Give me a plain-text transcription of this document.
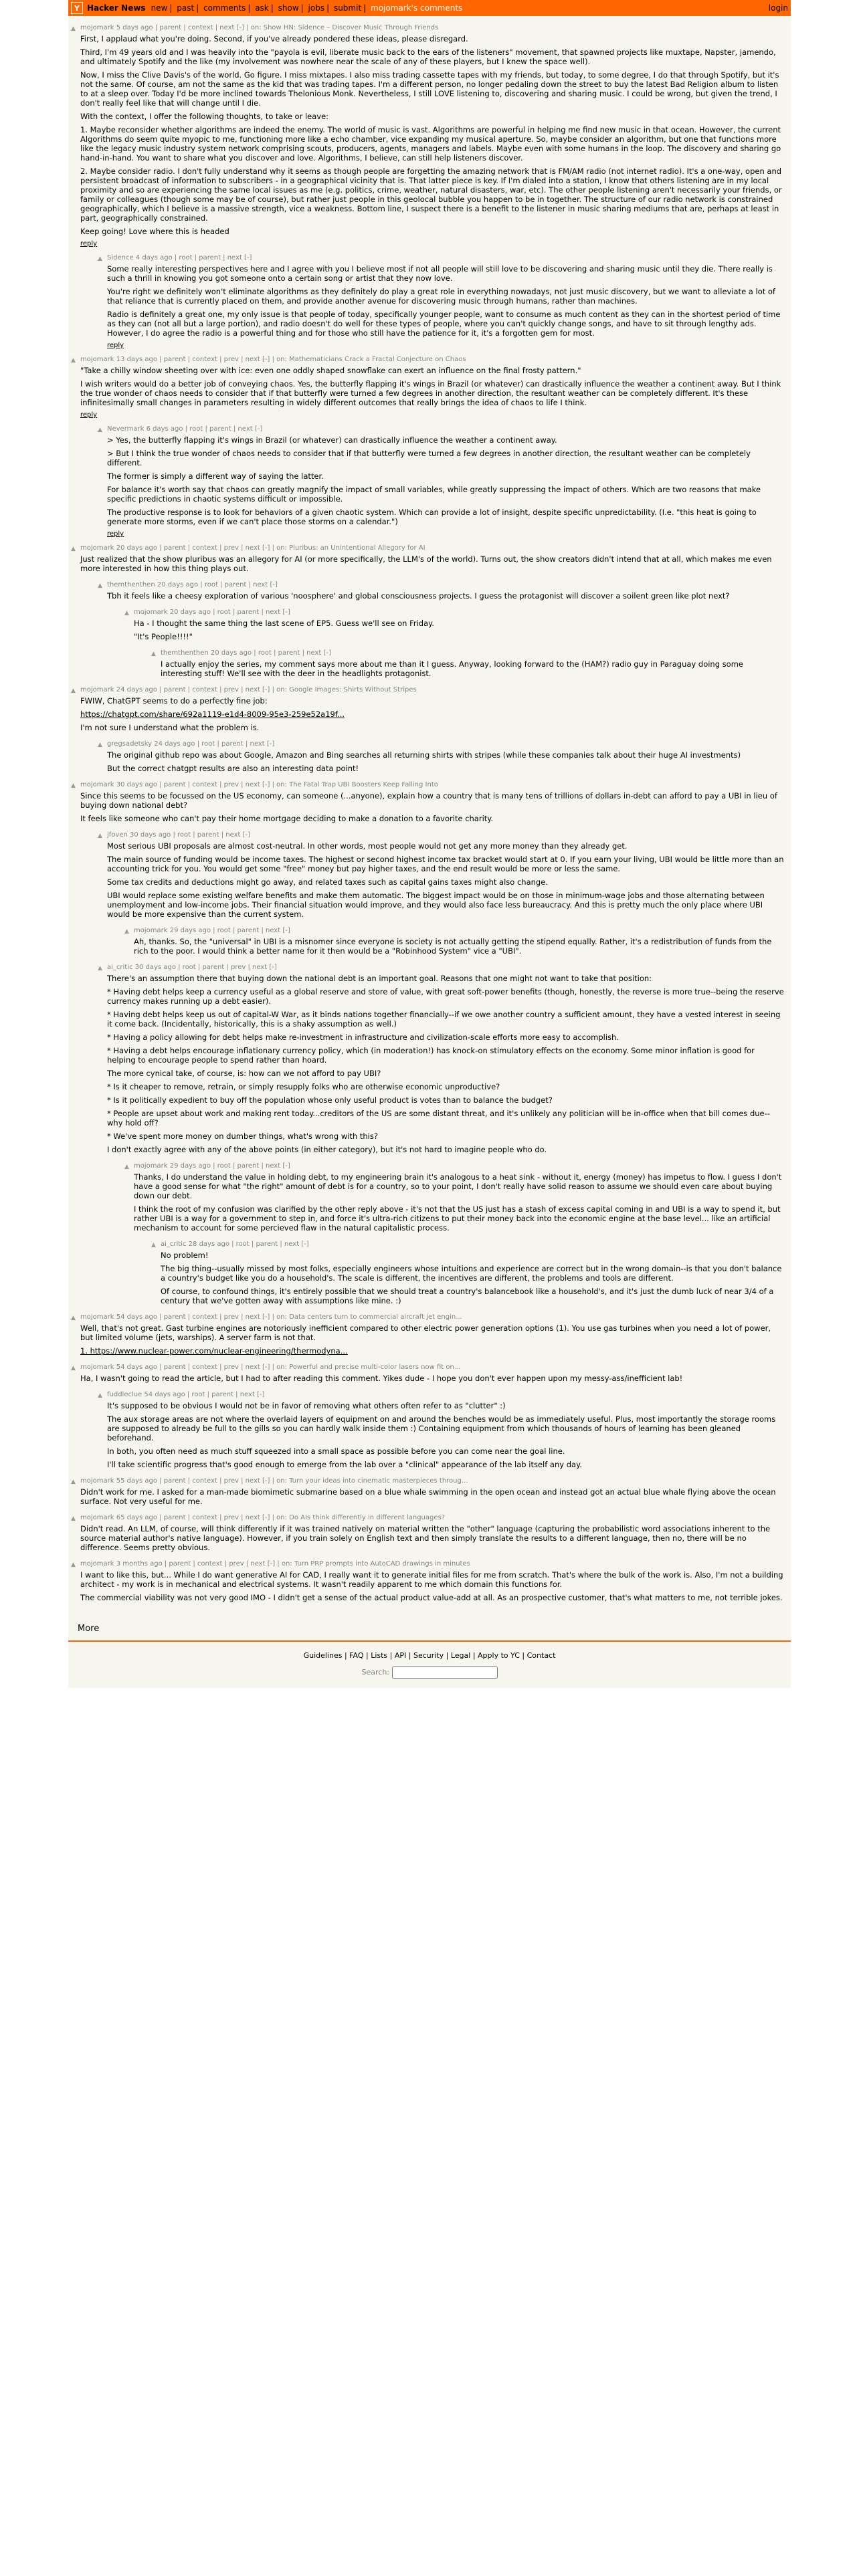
Y Hacker News new | past | comments | ask | show | jobs | submit | mojomark's comments	login
▲ mojomark 5 days ago | parent | context | next [-] | on: Show HN: Sidence – Discover Music Through Friends

First, I applaud what you're doing. Second, if you've already pondered these ideas, please disregard.

Third, I'm 49 years old and I was heavily into the "payola is evil, liberate music back to the ears of the listeners" movement, that spawned projects like muxtape, Napster, jamendo, and ultimately Spotify and the like (my involvement was nowhere near the scale of any of these players, but I knew the space well).

Now, I miss the Clive Davis's of the world. Go figure. I miss mixtapes. I also miss trading cassette tapes with my friends, but today, to some degree, I do that through Spotify, but it's not the same. Of course, am not the same as the kid that was trading tapes. I'm a different person, no longer pedaling down the street to buy the latest Bad Religion album to listen to at a sleep over. Today I'd be more inclined towards Thelonious Monk. Nevertheless, I still LOVE listening to, discovering and sharing music. I could be wrong, but given the trend, I don't really feel like that will change until I die.

With the context, I offer the following thoughts, to take or leave:

1. Maybe reconsider whether algorithms are indeed the enemy. The world of music is vast. Algorithms are powerful in helping me find new music in that ocean. However, the current Algorithms do seem quite myopic to me, functioning more like a echo chamber, vice expanding my musical aperture. So, maybe consider an algorithm, but one that functions more like the legacy music industry system network comprising scouts, producers, agents, managers and labels. Maybe even with some humans in the loop. The discovery and sharing go hand-in-hand. You want to share what you discover and love. Algorithms, I believe, can still help listeners discover.

2. Maybe consider radio. I don't fully understand why it seems as though people are forgetting the amazing network that is FM/AM radio (not internet radio). It's a one-way, open and persistent broadcast of information to subscribers - in a geographical vicinity that is. That latter piece is key. If I'm dialed into a station, I know that others listening are in my local proximity and so are experiencing the same local issues as me (e.g. politics, crime, weather, natural disasters, war, etc). The other people listening aren't necessarily your friends, or family or colleagues (though some may be of course), but rather just people in this geolocal bubble you happen to be in together. The structure of our radio network is constrained geographically, which I believe is a massive strength, vice a weakness. Bottom line, I suspect there is a benefit to the listener in music sharing mediums that are, perhaps at least in part, geographically constrained.

Keep going! Love where this is headed

reply
▲ Sidence 4 days ago | root | parent | next [-]

Some really interesting perspectives here and I agree with you I believe most if not all people will still love to be discovering and sharing music until they die. There really is such a thrill in knowing you got someone onto a certain song or artist that they now love.

You're right we definitely won't eliminate algorithms as they definitely do play a great role in everything nowadays, not just music discovery, but we want to alleviate a lot of that reliance that is currently placed on them, and provide another avenue for discovering music through humans, rather than machines.

Radio is definitely a great one, my only issue is that people of today, specifically younger people, want to consume as much content as they can in the shortest period of time as they can (not all but a large portion), and radio doesn't do well for these types of people, where you can't quickly change songs, and have to sit through lengthy ads. However, I do agree the radio is a powerful thing and for those who still have the patience for it, it's a forgotten gem for most.

reply
▲ mojomark 13 days ago | parent | context | prev | next [-] | on: Mathematicians Crack a Fractal Conjecture on Chaos

"Take a chilly window sheeting over with ice: even one oddly shaped snowflake can exert an influence on the final frosty pattern."

I wish writers would do a better job of conveying chaos. Yes, the butterfly flapping it's wings in Brazil (or whatever) can drastically influence the weather a continent away. But I think the true wonder of chaos needs to consider that if that butterfly were turned a few degrees in another direction, the resultant weather can be completely different. It's these infinitesimally small changes in parameters resulting in widely different outcomes that really brings the idea of chaos to life I think.

reply
▲ Nevermark 6 days ago | root | parent | next [-]

> Yes, the butterfly flapping it's wings in Brazil (or whatever) can drastically influence the weather a continent away.

> But I think the true wonder of chaos needs to consider that if that butterfly were turned a few degrees in another direction, the resultant weather can be completely different.

The former is simply a different way of saying the latter.

For balance it's worth say that chaos can greatly magnify the impact of small variables, while greatly suppressing the impact of others. Which are two reasons that make specific predictions in chaotic systems difficult or impossible.

The productive response is to look for behaviors of a given chaotic system. Which can provide a lot of insight, despite specific unpredictability. (I.e. "this heat is going to generate more storms, even if we can't place those storms on a calendar.")

reply
▲ mojomark 20 days ago | parent | context | prev | next [-] | on: Pluribus: an Unintentional Allegory for AI

Just realized that the show pluribus was an allegory for AI (or more specifically, the LLM's of the world). Turns out, the show creators didn't intend that at all, which makes me even more interested in how this thing plays out.

▲ themthenthen 20 days ago | root | parent | next [-]

Tbh it feels like a cheesy exploration of various 'noosphere' and global consciousness projects. I guess the protagonist will discover a soilent green like plot next?

▲ mojomark 20 days ago | root | parent | next [-]

Ha - I thought the same thing the last scene of EP5. Guess we'll see on Friday.

"It's People!!!!"

▲ themthenthen 20 days ago | root | parent | next [-]

I actually enjoy the series, my comment says more about me than it I guess. Anyway, looking forward to the (HAM?) radio guy in Paraguay doing some interesting stuff! We'll see with the deer in the headlights protagonist.

▲ mojomark 24 days ago | parent | context | prev | next [-] | on: Google Images: Shirts Without Stripes

FWIW, ChatGPT seems to do a perfectly fine job:

https://chatgpt.com/share/692a1119-e1d4-8009-95e3-259e52a19f...

I'm not sure I understand what the problem is.

▲ gregsadetsky 24 days ago | root | parent | next [-]

The original github repo was about Google, Amazon and Bing searches all returning shirts with stripes (while these companies talk about their huge AI investments)

But the correct chatgpt results are also an interesting data point!

▲ mojomark 30 days ago | parent | context | prev | next [-] | on: The Fatal Trap UBI Boosters Keep Falling Into

Since this seems to be focussed on the US economy, can someone (...anyone), explain how a country that is many tens of trillions of dollars in-debt can afford to pay a UBI in lieu of buying down national debt?

It feels like someone who can't pay their home mortgage deciding to make a donation to a favorite charity.

▲ jfoven 30 days ago | root | parent | next [-]

Most serious UBI proposals are almost cost-neutral. In other words, most people would not get any more money than they already get.

The main source of funding would be income taxes. The highest or second highest income tax bracket would start at 0. If you earn your living, UBI would be little more than an accounting trick for you. You would get some "free" money but pay higher taxes, and the end result would be more or less the same.

Some tax credits and deductions might go away, and related taxes such as capital gains taxes might also change.

UBI would replace some existing welfare benefits and make them automatic. The biggest impact would be on those in minimum-wage jobs and those alternating between unemployment and low-income jobs. Their financial situation would improve, and they would also face less bureaucracy. And this is pretty much the only place where UBI would be more expensive than the current system.

▲ mojomark 29 days ago | root | parent | next [-]

Ah, thanks. So, the "universal" in UBI is a misnomer since everyone is society is not actually getting the stipend equally. Rather, it's a redistribution of funds from the rich to the poor. I would think a better name for it then would be a "Robinhood System" vice a "UBI".

▲ ai_critic 30 days ago | root | parent | prev | next [-]

There's an assumption there that buying down the national debt is an important goal. Reasons that one might not want to take that position:

* Having debt helps keep a currency useful as a global reserve and store of value, with great soft-power benefits (though, honestly, the reverse is more true--being the reserve currency makes running up a debt easier).

* Having debt helps keep us out of capital-W War, as it binds nations together financially--if we owe another country a sufficient amount, they have a vested interest in seeing it come back. (Incidentally, historically, this is a shaky assumption as well.)

* Having a policy allowing for debt helps make re-investment in infrastructure and civilization-scale efforts more easy to accomplish.

* Having a debt helps encourage inflationary currency policy, which (in moderation!) has knock-on stimulatory effects on the economy. Some minor inflation is good for helping to encourage people to spend rather than hoard.

The more cynical take, of course, is: how can we not afford to pay UBI?

* Is it cheaper to remove, retrain, or simply resupply folks who are otherwise economic unproductive?

* Is it politically expedient to buy off the population whose only useful product is votes than to balance the budget?

* People are upset about work and making rent today...creditors of the US are some distant threat, and it's unlikely any politician will be in-office when that bill comes due--why hold off?

* We've spent more money on dumber things, what's wrong with this?

I don't exactly agree with any of the above points (in either category), but it's not hard to imagine people who do.

▲ mojomark 29 days ago | root | parent | next [-]

Thanks, I do understand the value in holding debt, to my engineering brain it's analogous to a heat sink - without it, energy (money) has impetus to flow. I guess I don't have a good sense for what "the right" amount of debt is for a country, so to your point, I don't really have solid reason to assume we should even care about buying down our debt.

I think the root of my confusion was clarified by the other reply above - it's not that the US just has a stash of excess capital coming in and UBI is a way to spend it, but rather UBI is a way for a government to step in, and force it's ultra-rich citizens to put their money back into the economic engine at the base level... like an artificial mechanism to account for some percieved flaw in the natural capitalistic process.

▲ ai_critic 28 days ago | root | parent | next [-]

No problem!

The big thing--usually missed by most folks, especially engineers whose intuitions and experience are correct but in the wrong domain--is that you don't balance a country's budget like you do a household's. The scale is different, the incentives are different, the problems and tools are different.

Of course, to confound things, it's entirely possible that we should treat a country's balancebook like a household's, and it's just the dumb luck of near 3/4 of a century that we've gotten away with assumptions like mine. :)

▲ mojomark 54 days ago | parent | context | prev | next [-] | on: Data centers turn to commercial aircraft jet engin...

Well, that's not great. Gast turbine engines are notoriously inefficient compared to other electric power generation options (1). You use gas turbines when you need a lot of power, but limited volume (jets, warships). A server farm is not that.

1. https://www.nuclear-power.com/nuclear-engineering/thermodyna...

▲ mojomark 54 days ago | parent | context | prev | next [-] | on: Powerful and precise multi-color lasers now fit on...

Ha, I wasn't going to read the article, but I had to after reading this comment. Yikes dude - I hope you don't ever happen upon my messy-ass/inefficient lab!

▲ fuddleclue 54 days ago | root | parent | next [-]

It's supposed to be obvious I would not be in favor of removing what others often refer to as "clutter" :)

The aux storage areas are not where the overlaid layers of equipment on and around the benches would be as immediately useful. Plus, most importantly the storage rooms are supposed to already be full to the gills so you can hardly walk inside them :) Containing equipment from which thousands of hours of learning has been gleaned beforehand.

In both, you often need as much stuff squeezed into a small space as possible before you can come near the goal line.

I'll take scientific progress that's good enough to emerge from the lab over a "clinical" appearance of the lab itself any day.

▲ mojomark 55 days ago | parent | context | prev | next [-] | on: Turn your ideas into cinematic masterpieces throug...

Didn't work for me. I asked for a man-made biomimetic submarine based on a blue whale swimming in the open ocean and instead got an actual blue whale flying above the ocean surface. Not very useful for me.

▲ mojomark 65 days ago | parent | context | prev | next [-] | on: Do AIs think differently in different languages?

Didn't read. An LLM, of course, will think differently if it was trained natively on material written the "other" language (capturing the probabilistic word associations inherent to the source material author's native language). However, if you train solely on English text and then simply translate the results to a different language, then no, there will be no difference. Seems pretty obvious.

▲ mojomark 3 months ago | parent | context | prev | next [-] | on: Turn PRP prompts into AutoCAD drawings in minutes

I want to like this, but... While I do want generative AI for CAD, I really want it to generate initial files for me from scratch. That's where the bulk of the work is. Also, I'm not a building architect - my work is in mechanical and electrical systems. It wasn't readily apparent to me which domain this functions for.

The commercial viability was not very good IMO - I didn't get a sense of the actual product value-add at all. As an prospective customer, that's what matters to me, not terrible jokes.

More
Guidelines | FAQ | Lists | API | Security | Legal | Apply to YC | Contact
Search:
